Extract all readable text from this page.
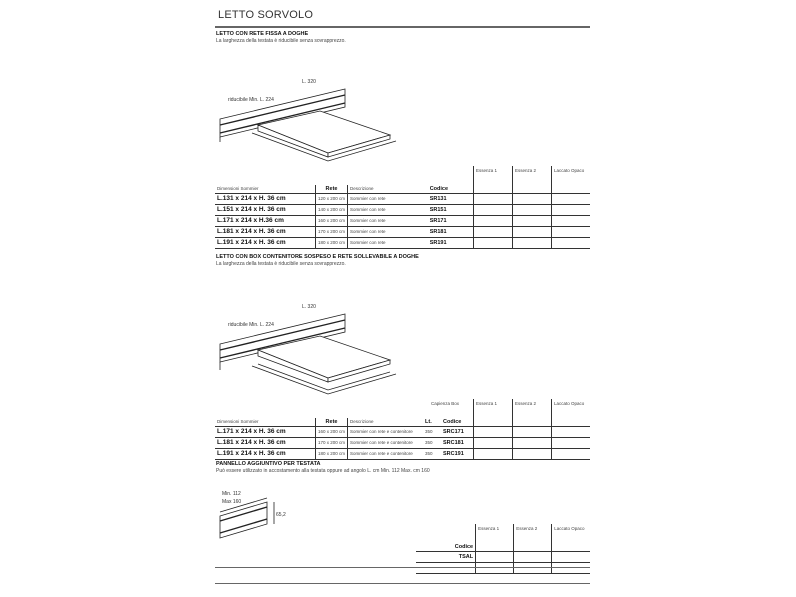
LETTO SORVOLO
LETTO CON RETE FISSA A DOGHE
La larghezza della testata è riducibile senza sovrapprezzo.
L. 320
riducibile Min. L. 224
				Essenza 1	Essenza 2	Laccato Opaco
Dimensioni Sommier	Rete	Descrizione	Codice			
L.131 x 214 x H. 36 cm	120 x 200 cm	Sommier con rete	SR131			
L.151 x 214 x H. 36 cm	140 x 200 cm	Sommier con rete	SR151			
L.171 x 214 x H.36 cm	160 x 200 cm	Sommier con rete	SR171			
L.181 x 214 x H. 36 cm	170 x 200 cm	Sommier con rete	SR181			
L.191 x 214 x H. 36 cm	180 x 200 cm	Sommier con rete	SR191			
LETTO CON BOX CONTENITORE SOSPESO E RETE SOLLEVABILE A DOGHE
La larghezza della testata è riducibile senza sovrapprezzo.
L. 320
riducibile Min. L. 224
			Capienza Box		Essenza 1	Essenza 2	Laccato Opaco
Dimensioni Sommier	Rete	Descrizione	Lt.	Codice			
L.171 x 214 x H. 36 cm	160 x 200 cm	Sommier con rete e contenitore	350	SRC171			
L.181 x 214 x H. 36 cm	170 x 200 cm	Sommier con rete e contenitore	350	SRC181			
L.191 x 214 x H. 36 cm	180 x 200 cm	Sommier con rete e contenitore	350	SRC191			
PANNELLO AGGIUNTIVO PER TESTATA
Può essere utilizzato in accostamento alla testata oppure ad angolo L. cm Min. 112 Max. cm 160
Min. 112
Max 160
65,2
	Essenza 1	Essenza 2	Laccato Opaco
Codice			
TSAL			
